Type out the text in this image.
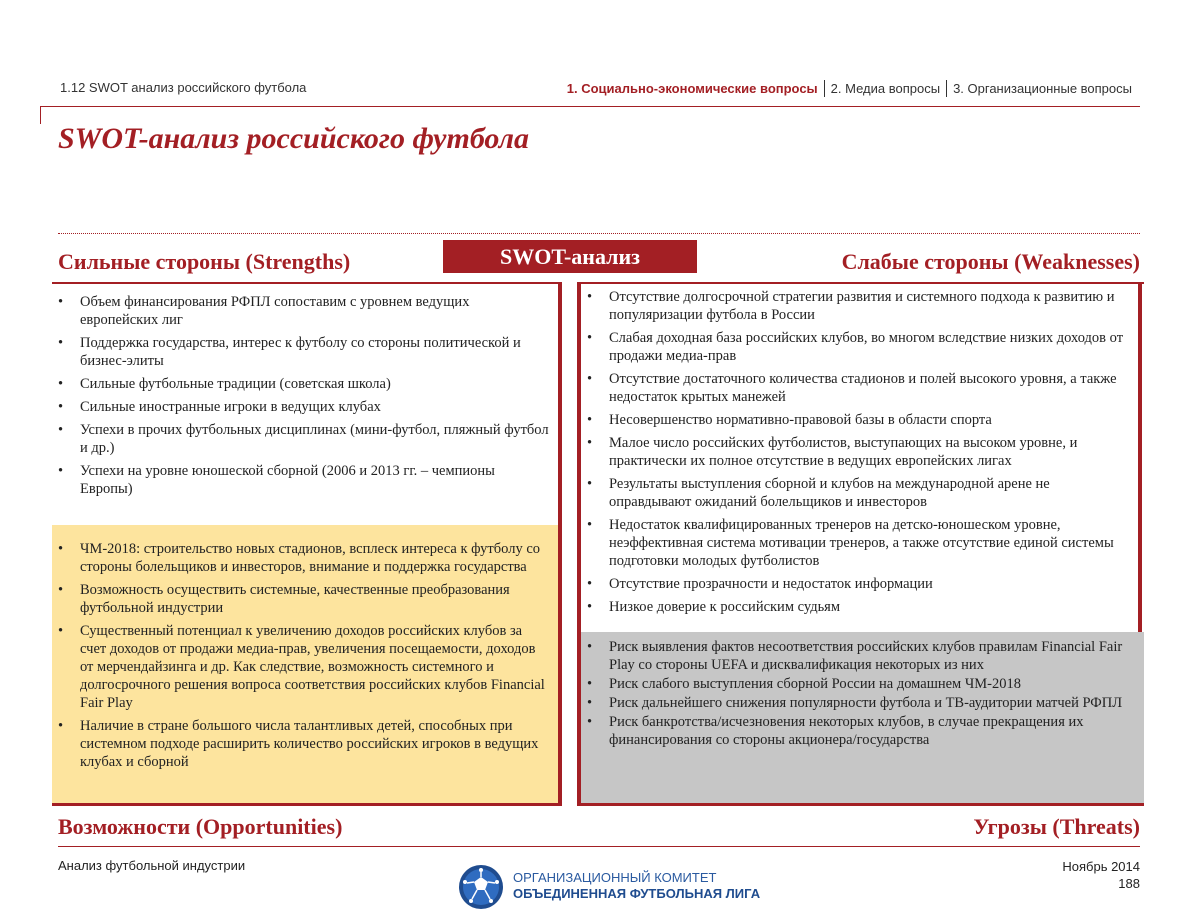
1.12 SWOT анализ российского футбола	1. Социально-экономические вопросы	2. Медиа вопросы	3. Организационные вопросы
SWOT-анализ российского футбола
Сильные стороны (Strengths)	Слабые стороны (Weaknesses)
SWOT-анализ
• Объем финансирования РФПЛ сопоставим с уровнем ведущих европейских лиг
• Поддержка государства, интерес к футболу со стороны политической и бизнес-элиты
• Сильные футбольные традиции (советская школа)
• Сильные иностранные игроки в ведущих клубах
• Успехи в прочих футбольных дисциплинах (мини-футбол, пляжный футбол и др.)
• Успехи на уровне юношеской сборной (2006 и 2013 гг. – чемпионы Европы)
• ЧМ-2018: строительство новых стадионов, всплеск интереса к футболу со стороны болельщиков и инвесторов, внимание и поддержка государства
• Возможность осуществить системные, качественные преобразования футбольной индустрии
• Существенный потенциал к увеличению доходов российских клубов за счет доходов от продажи медиа-прав, увеличения посещаемости, доходов от мерчендайзинга и др. Как следствие, возможность системного и долгосрочного решения вопроса соответствия российских клубов Financial Fair Play
• Наличие в стране большого числа талантливых детей, способных при системном подходе расширить количество российских игроков в ведущих клубах и сборной
• Отсутствие долгосрочной стратегии развития и системного подхода к развитию и популяризации футбола в России
• Слабая доходная база российских клубов, во многом вследствие низких доходов от продажи медиа-прав
• Отсутствие достаточного количества стадионов и полей высокого уровня, а также недостаток крытых манежей
• Несовершенство нормативно-правовой базы в области спорта
• Малое число российских футболистов, выступающих на высоком уровне, и практически их полное отсутствие в ведущих европейских лигах
• Результаты выступления сборной и клубов на международной арене не оправдывают ожиданий болельщиков и инвесторов
• Недостаток квалифицированных тренеров на детско-юношеском уровне, неэффективная система мотивации тренеров, а также отсутствие единой системы подготовки молодых футболистов
• Отсутствие прозрачности и недостаток информации
• Низкое доверие к российским судьям
• Риск выявления фактов несоответствия российских клубов правилам Financial Fair Play со стороны UEFA и дисквалификация некоторых из них
• Риск слабого выступления сборной России на домашнем ЧМ-2018
• Риск дальнейшего снижения популярности футбола и ТВ-аудитории матчей РФПЛ
• Риск банкротства/исчезновения некоторых клубов, в случае прекращения их финансирования со стороны акционера/государства
Возможности (Opportunities)	Угрозы (Threats)
Анализ футбольной индустрии
ОРГАНИЗАЦИОННЫЙ КОМИТЕТ
ОБЪЕДИНЕННАЯ ФУТБОЛЬНАЯ ЛИГА
Ноябрь 2014
188
